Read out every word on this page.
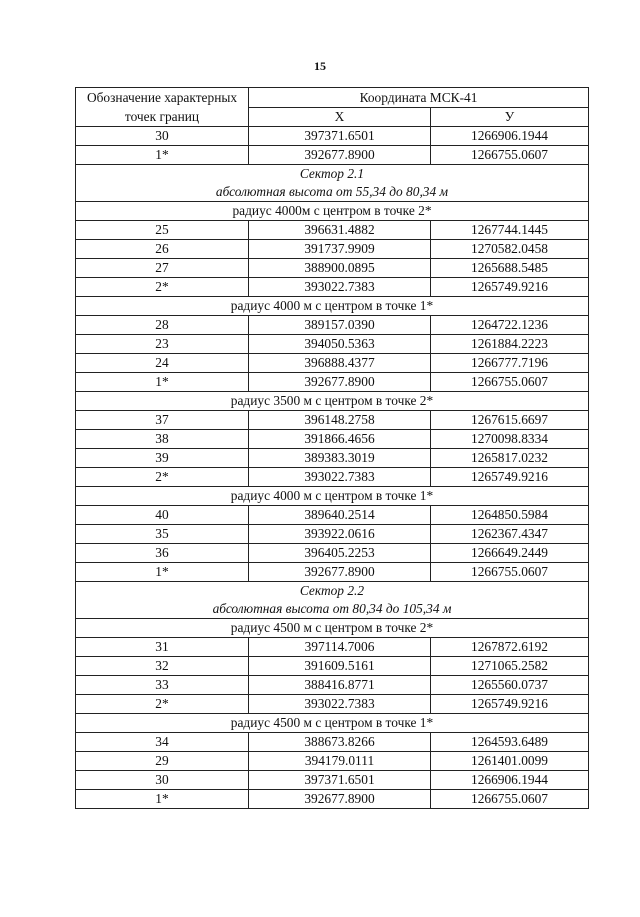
15
Обозначение характерных точек границ	Координата МСК-41	
	X	У
30	397371.6501	1266906.1944
1*	392677.8900	1266755.0607
Сектор 2.1		
абсолютная высота от 55,34 до 80,34 м		
радиус 4000м с центром в точке 2*		
25	396631.4882	1267744.1445
26	391737.9909	1270582.0458
27	388900.0895	1265688.5485
2*	393022.7383	1265749.9216
радиус 4000 м с центром в точке 1*		
28	389157.0390	1264722.1236
23	394050.5363	1261884.2223
24	396888.4377	1266777.7196
1*	392677.8900	1266755.0607
радиус 3500 м с центром в точке 2*		
37	396148.2758	1267615.6697
38	391866.4656	1270098.8334
39	389383.3019	1265817.0232
2*	393022.7383	1265749.9216
радиус 4000 м с центром в точке 1*		
40	389640.2514	1264850.5984
35	393922.0616	1262367.4347
36	396405.2253	1266649.2449
1*	392677.8900	1266755.0607
Сектор 2.2		
абсолютная высота от 80,34 до 105,34 м		
радиус 4500 м с центром в точке 2*		
31	397114.7006	1267872.6192
32	391609.5161	1271065.2582
33	388416.8771	1265560.0737
2*	393022.7383	1265749.9216
радиус 4500 м с центром в точке 1*		
34	388673.8266	1264593.6489
29	394179.0111	1261401.0099
30	397371.6501	1266906.1944
1*	392677.8900	1266755.0607
